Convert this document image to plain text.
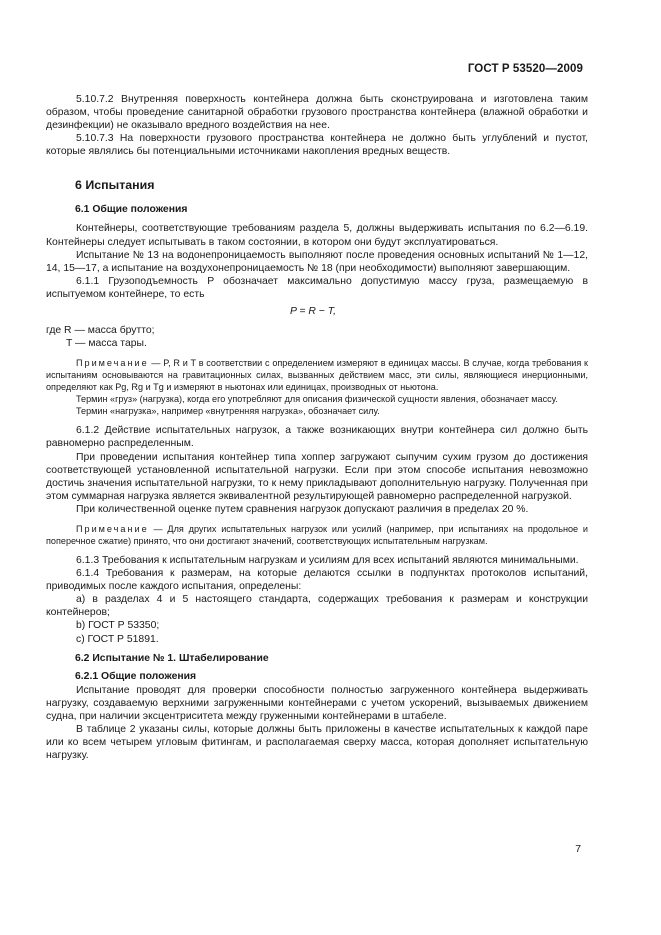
ГОСТ Р 53520—2009

5.10.7.2 Внутренняя поверхность контейнера должна быть сконструирована и изготовлена таким образом, чтобы проведение санитарной обработки грузового пространства контейнера (влажной обработки и дезинфекции) не оказывало вредного воздействия на нее.

5.10.7.3 На поверхности грузового пространства контейнера не должно быть углублений и пустот, которые являлись бы потенциальными источниками накопления вредных веществ.

6 Испытания
6.1 Общие положения

Контейнеры, соответствующие требованиям раздела 5, должны выдерживать испытания по 6.2—6.19. Контейнеры следует испытывать в таком состоянии, в котором они будут эксплуатироваться.

Испытание № 13 на водонепроницаемость выполняют после проведения основных испытаний № 1—12, 14, 15—17, а испытание на воздухонепроницаемость № 18 (при необходимости) выполняют завершающим.

6.1.1 Грузоподъемность P обозначает максимально допустимую массу груза, размещаемую в испытуемом контейнере, то есть

P = R − T,

где R — масса брутто;

T — масса тары.

Примечание — P, R и T в соответствии с определением измеряют в единицах массы. В случае, когда требования к испытаниям основываются на гравитационных силах, вызванных действием масс, эти силы, являющиеся инерционными, определяют как Pg, Rg и Tg и измеряют в ньютонах или единицах, производных от ньютона.

Термин «груз» (нагрузка), когда его употребляют для описания физической сущности явления, обозначает массу.

Термин «нагрузка», например «внутренняя нагрузка», обозначает силу.

6.1.2 Действие испытательных нагрузок, а также возникающих внутри контейнера сил должно быть равномерно распределенным.

При проведении испытания контейнер типа хоппер загружают сыпучим сухим грузом до достижения соответствующей установленной испытательной нагрузки. Если при этом способе испытания невозможно достичь значения испытательной нагрузки, то к нему прикладывают дополнительную нагрузку. Полученная при этом суммарная нагрузка является эквивалентной результирующей равномерно распределенной нагрузкой.

При количественной оценке путем сравнения нагрузок допускают различия в пределах 20 %.

Примечание — Для других испытательных нагрузок или усилий (например, при испытаниях на продольное и поперечное сжатие) принято, что они достигают значений, соответствующих испытательным нагрузкам.

6.1.3 Требования к испытательным нагрузкам и усилиям для всех испытаний являются минимальными.

6.1.4 Требования к размерам, на которые делаются ссылки в подпунктах протоколов испытаний, приводимых после каждого испытания, определены:

а) в разделах 4 и 5 настоящего стандарта, содержащих требования к размерам и конструкции контейнеров;

b) ГОСТ Р 53350;

c) ГОСТ Р 51891.

6.2 Испытание № 1. Штабелирование
6.2.1 Общие положения

Испытание проводят для проверки способности полностью загруженного контейнера выдерживать нагрузку, создаваемую верхними загруженными контейнерами с учетом ускорений, вызываемых движением судна, при наличии эксцентриситета между груженными контейнерами в штабеле.

В таблице 2 указаны силы, которые должны быть приложены в качестве испытательных к каждой паре или ко всем четырем угловым фитингам, и располагаемая сверху масса, которая дополняет испытательную нагрузку.

7
